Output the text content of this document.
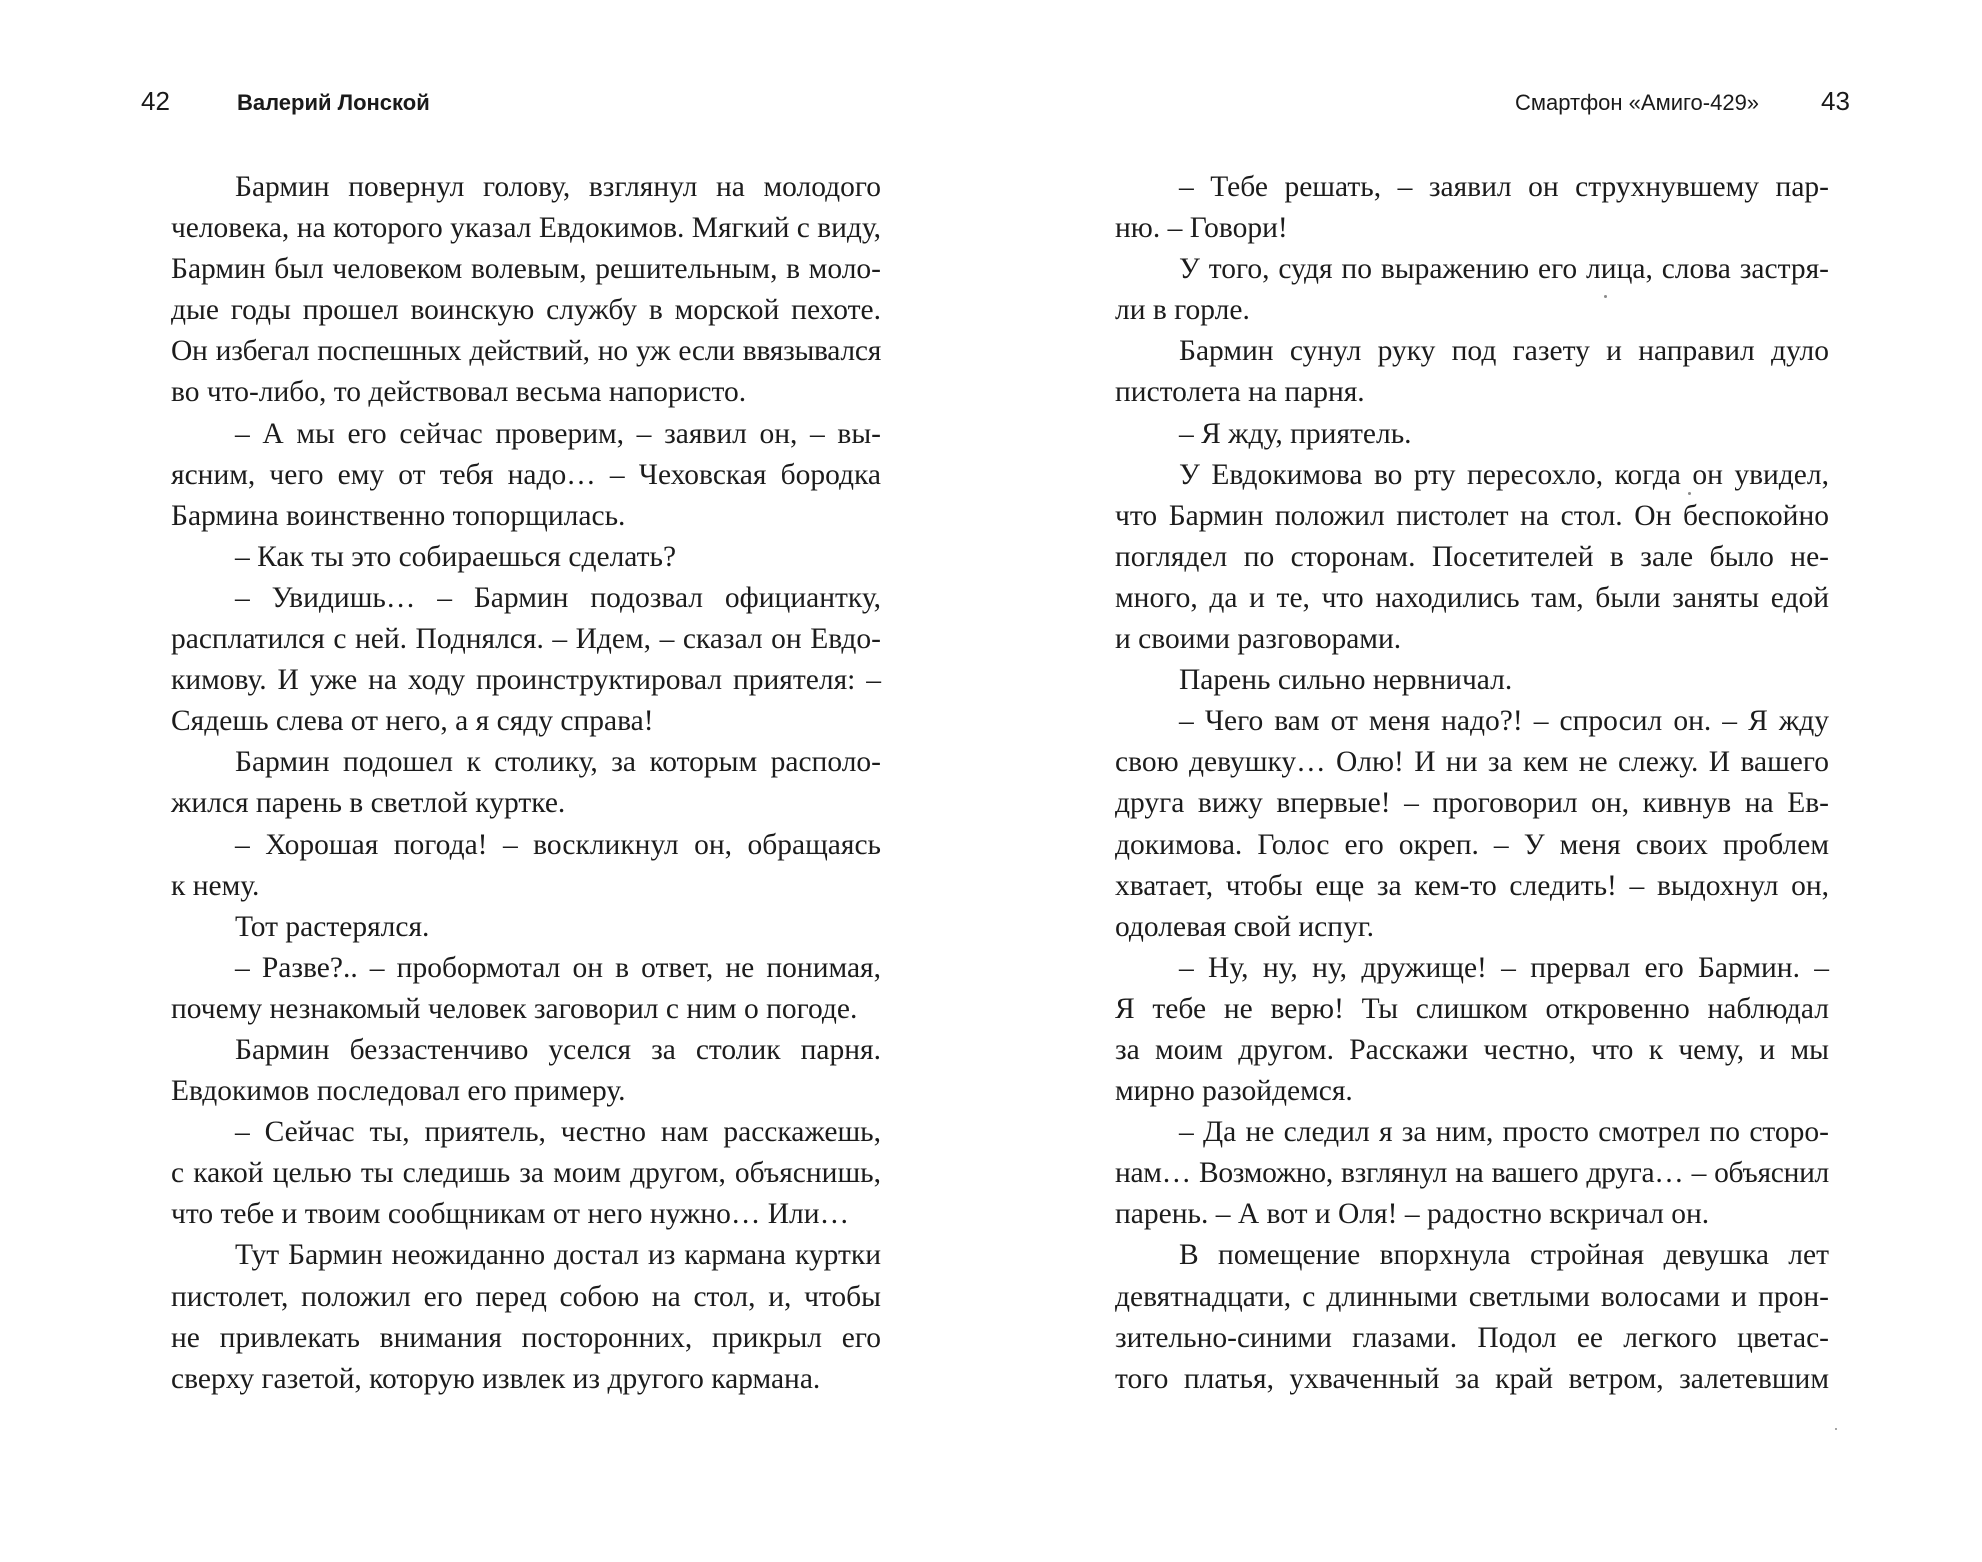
42	Валерий Лонской
Бармин повернул голову, взглянул на молодого
человека, на которого указал Евдокимов. Мягкий с виду,
Бармин был человеком волевым, решительным, в моло-
дые годы прошел воинскую службу в морской пехоте.
Он избегал поспешных действий, но уж если ввязывался
во что-либо, то действовал весьма напористо.
– А мы его сейчас проверим, – заявил он, – вы-
ясним, чего ему от тебя надо… – Чеховская бородка
Бармина воинственно топорщилась.
– Как ты это собираешься сделать?
– Увидишь… – Бармин подозвал официантку,
расплатился с ней. Поднялся. – Идем, – сказал он Евдо-
кимову. И уже на ходу проинструктировал приятеля: –
Сядешь слева от него, а я сяду справа!
Бармин подошел к столику, за которым располо-
жился парень в светлой куртке.
– Хорошая погода! – воскликнул он, обращаясь
к нему.
Тот растерялся.
– Разве?.. – пробормотал он в ответ, не понимая,
почему незнакомый человек заговорил с ним о погоде.
Бармин беззастенчиво уселся за столик парня.
Евдокимов последовал его примеру.
– Сейчас ты, приятель, честно нам расскажешь,
с какой целью ты следишь за моим другом, объяснишь,
что тебе и твоим сообщникам от него нужно… Или…
Тут Бармин неожиданно достал из кармана куртки
пистолет, положил его перед собою на стол, и, чтобы
не привлекать внимания посторонних, прикрыл его
сверху газетой, которую извлек из другого кармана.
Смартфон «Амиго-429» 43
– Тебе решать, – заявил он струхнувшему пар-
ню. – Говори!
У того, судя по выражению его лица, слова застря-
ли в горле.
Бармин сунул руку под газету и направил дуло
пистолета на парня.
– Я жду, приятель.
У Евдокимова во рту пересохло, когда он увидел,
что Бармин положил пистолет на стол. Он беспокойно
поглядел по сторонам. Посетителей в зале было не-
много, да и те, что находились там, были заняты едой
и своими разговорами.
Парень сильно нервничал.
– Чего вам от меня надо?! – спросил он. – Я жду
свою девушку… Олю! И ни за кем не слежу. И вашего
друга вижу впервые! – проговорил он, кивнув на Ев-
докимова. Голос его окреп. – У меня своих проблем
хватает, чтобы еще за кем-то следить! – выдохнул он,
одолевая свой испуг.
– Ну, ну, ну, дружище! – прервал его Бармин. –
Я тебе не верю! Ты слишком откровенно наблюдал
за моим другом. Расскажи честно, что к чему, и мы
мирно разойдемся.
– Да не следил я за ним, просто смотрел по сторо-
нам… Возможно, взглянул на вашего друга… – объяснил
парень. – А вот и Оля! – радостно вскричал он.
В помещение впорхнула стройная девушка лет
девятнадцати, с длинными светлыми волосами и прон-
зительно-синими глазами. Подол ее легкого цветас-
того платья, ухваченный за край ветром, залетевшим
